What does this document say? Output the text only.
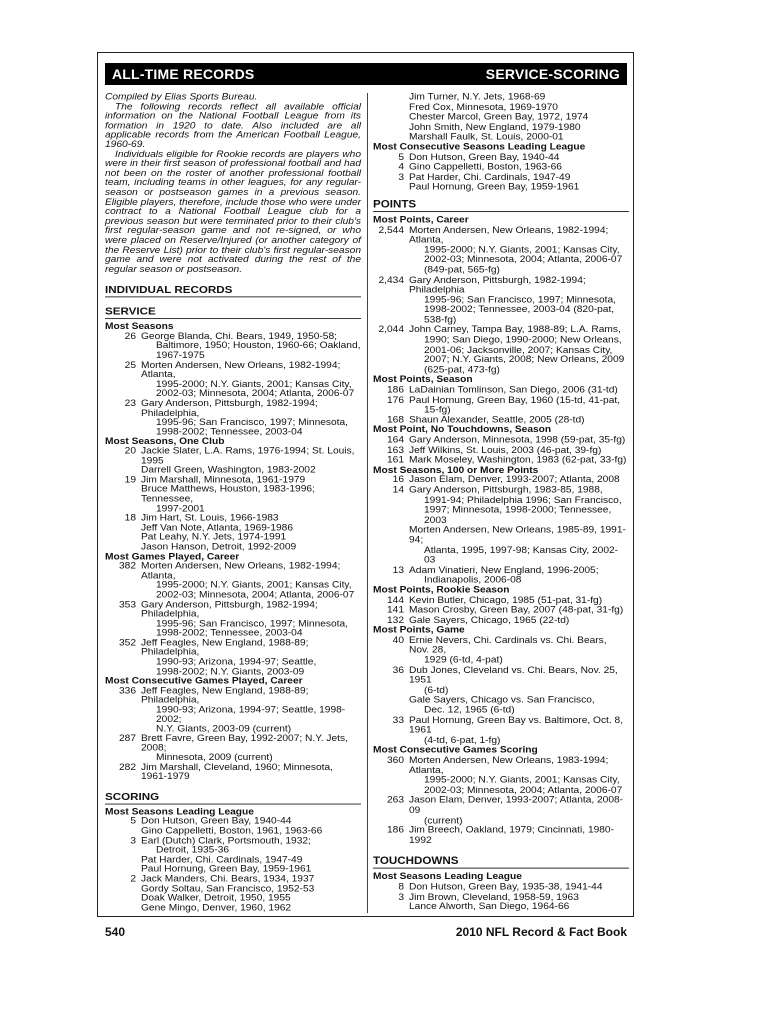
ALL-TIME RECORDS	SERVICE-SCORING

Compiled by Elias Sports Bureau.

The following records reflect all available official information on the National Football League from its formation in 1920 to date. Also included are all applicable records from the American Football League, 1960-69.

Individuals eligible for Rookie records are players who were in their first season of professional football and had not been on the roster of another professional football team, including teams in other leagues, for any regular-season or postseason games in a previous season. Eligible players, therefore, include those who were under contract to a National Football League club for a previous season but were terminated prior to their club's first regular-season game and not re-signed, or who were placed on Reserve/Injured (or another category of the Reserve List) prior to their club's first regular-season game and were not activated during the rest of the regular season or postseason.

INDIVIDUAL RECORDS
SERVICE
Most Seasons
26 George Blanda, Chi. Bears, 1949, 1950-58;
Baltimore, 1950; Houston, 1960-66; Oakland,
1967-1975
25 Morten Andersen, New Orleans, 1982-1994; Atlanta,
1995-2000; N.Y. Giants, 2001; Kansas City,
2002-03; Minnesota, 2004; Atlanta, 2006-07
23 Gary Anderson, Pittsburgh, 1982-1994; Philadelphia,
1995-96; San Francisco, 1997; Minnesota,
1998-2002; Tennessee, 2003-04
Most Seasons, One Club
20 Jackie Slater, L.A. Rams, 1976-1994; St. Louis, 1995
Darrell Green, Washington, 1983-2002
19 Jim Marshall, Minnesota, 1961-1979
Bruce Matthews, Houston, 1983-1996; Tennessee,
1997-2001
18 Jim Hart, St. Louis, 1966-1983
Jeff Van Note, Atlanta, 1969-1986
Pat Leahy, N.Y. Jets, 1974-1991
Jason Hanson, Detroit, 1992-2009
Most Games Played, Career
382 Morten Andersen, New Orleans, 1982-1994; Atlanta,
1995-2000; N.Y. Giants, 2001; Kansas City,
2002-03; Minnesota, 2004; Atlanta, 2006-07
353 Gary Anderson, Pittsburgh, 1982-1994; Philadelphia,
1995-96; San Francisco, 1997; Minnesota,
1998-2002; Tennessee, 2003-04
352 Jeff Feagles, New England, 1988-89; Philadelphia,
1990-93; Arizona, 1994-97; Seattle,
1998-2002; N.Y. Giants, 2003-09
Most Consecutive Games Played, Career
336 Jeff Feagles, New England, 1988-89; Philadelphia,
1990-93; Arizona, 1994-97; Seattle, 1998-2002;
N.Y. Giants, 2003-09 (current)
287 Brett Favre, Green Bay, 1992-2007; N.Y. Jets, 2008;
Minnesota, 2009 (current)
282 Jim Marshall, Cleveland, 1960; Minnesota, 1961-1979
SCORING
Most Seasons Leading League
5 Don Hutson, Green Bay, 1940-44
Gino Cappelletti, Boston, 1961, 1963-66
3 Earl (Dutch) Clark, Portsmouth, 1932;
Detroit, 1935-36
Pat Harder, Chi. Cardinals, 1947-49
Paul Hornung, Green Bay, 1959-1961
2 Jack Manders, Chi. Bears, 1934, 1937
Gordy Soltau, San Francisco, 1952-53
Doak Walker, Detroit, 1950, 1955
Gene Mingo, Denver, 1960, 1962
Jim Turner, N.Y. Jets, 1968-69
Fred Cox, Minnesota, 1969-1970
Chester Marcol, Green Bay, 1972, 1974
John Smith, New England, 1979-1980
Marshall Faulk, St. Louis, 2000-01
Most Consecutive Seasons Leading League
5 Don Hutson, Green Bay, 1940-44
4 Gino Cappelletti, Boston, 1963-66
3 Pat Harder, Chi. Cardinals, 1947-49
Paul Hornung, Green Bay, 1959-1961
POINTS
Most Points, Career
2,544 Morten Andersen, New Orleans, 1982-1994; Atlanta,
1995-2000; N.Y. Giants, 2001; Kansas City,
2002-03; Minnesota, 2004; Atlanta, 2006-07
(849-pat, 565-fg)
2,434 Gary Anderson, Pittsburgh, 1982-1994; Philadelphia
1995-96; San Francisco, 1997; Minnesota,
1998-2002; Tennessee, 2003-04 (820-pat,
538-fg)
2,044 John Carney, Tampa Bay, 1988-89; L.A. Rams,
1990; San Diego, 1990-2000; New Orleans,
2001-06; Jacksonville, 2007; Kansas City,
2007; N.Y. Giants, 2008; New Orleans, 2009
(625-pat, 473-fg)
Most Points, Season
186 LaDainian Tomlinson, San Diego, 2006 (31-td)
176 Paul Hornung, Green Bay, 1960 (15-td, 41-pat,
15-fg)
168 Shaun Alexander, Seattle, 2005 (28-td)
Most Point, No Touchdowns, Season
164 Gary Anderson, Minnesota, 1998 (59-pat, 35-fg)
163 Jeff Wilkins, St. Louis, 2003 (46-pat, 39-fg)
161 Mark Moseley, Washington, 1983 (62-pat, 33-fg)
Most Seasons, 100 or More Points
16 Jason Elam, Denver, 1993-2007; Atlanta, 2008
14 Gary Anderson, Pittsburgh, 1983-85, 1988,
1991-94; Philadelphia 1996; San Francisco,
1997; Minnesota, 1998-2000; Tennessee, 2003
Morten Andersen, New Orleans, 1985-89, 1991-94;
Atlanta, 1995, 1997-98; Kansas City, 2002-03
13 Adam Vinatieri, New England, 1996-2005;
Indianapolis, 2006-08
Most Points, Rookie Season
144 Kevin Butler, Chicago, 1985 (51-pat, 31-fg)
141 Mason Crosby, Green Bay, 2007 (48-pat, 31-fg)
132 Gale Sayers, Chicago, 1965 (22-td)
Most Points, Game
40 Ernie Nevers, Chi. Cardinals vs. Chi. Bears, Nov. 28,
1929 (6-td, 4-pat)
36 Dub Jones, Cleveland vs. Chi. Bears, Nov. 25, 1951
(6-td)
Gale Sayers, Chicago vs. San Francisco,
Dec. 12, 1965 (6-td)
33 Paul Hornung, Green Bay vs. Baltimore, Oct. 8, 1961
(4-td, 6-pat, 1-fg)
Most Consecutive Games Scoring
360 Morten Andersen, New Orleans, 1983-1994; Atlanta,
1995-2000; N.Y. Giants, 2001; Kansas City,
2002-03; Minnesota, 2004; Atlanta, 2006-07
263 Jason Elam, Denver, 1993-2007; Atlanta, 2008-09
(current)
186 Jim Breech, Oakland, 1979; Cincinnati, 1980-1992
TOUCHDOWNS
Most Seasons Leading League
8 Don Hutson, Green Bay, 1935-38, 1941-44
3 Jim Brown, Cleveland, 1958-59, 1963
Lance Alworth, San Diego, 1964-66
540	2010 NFL Record & Fact Book
